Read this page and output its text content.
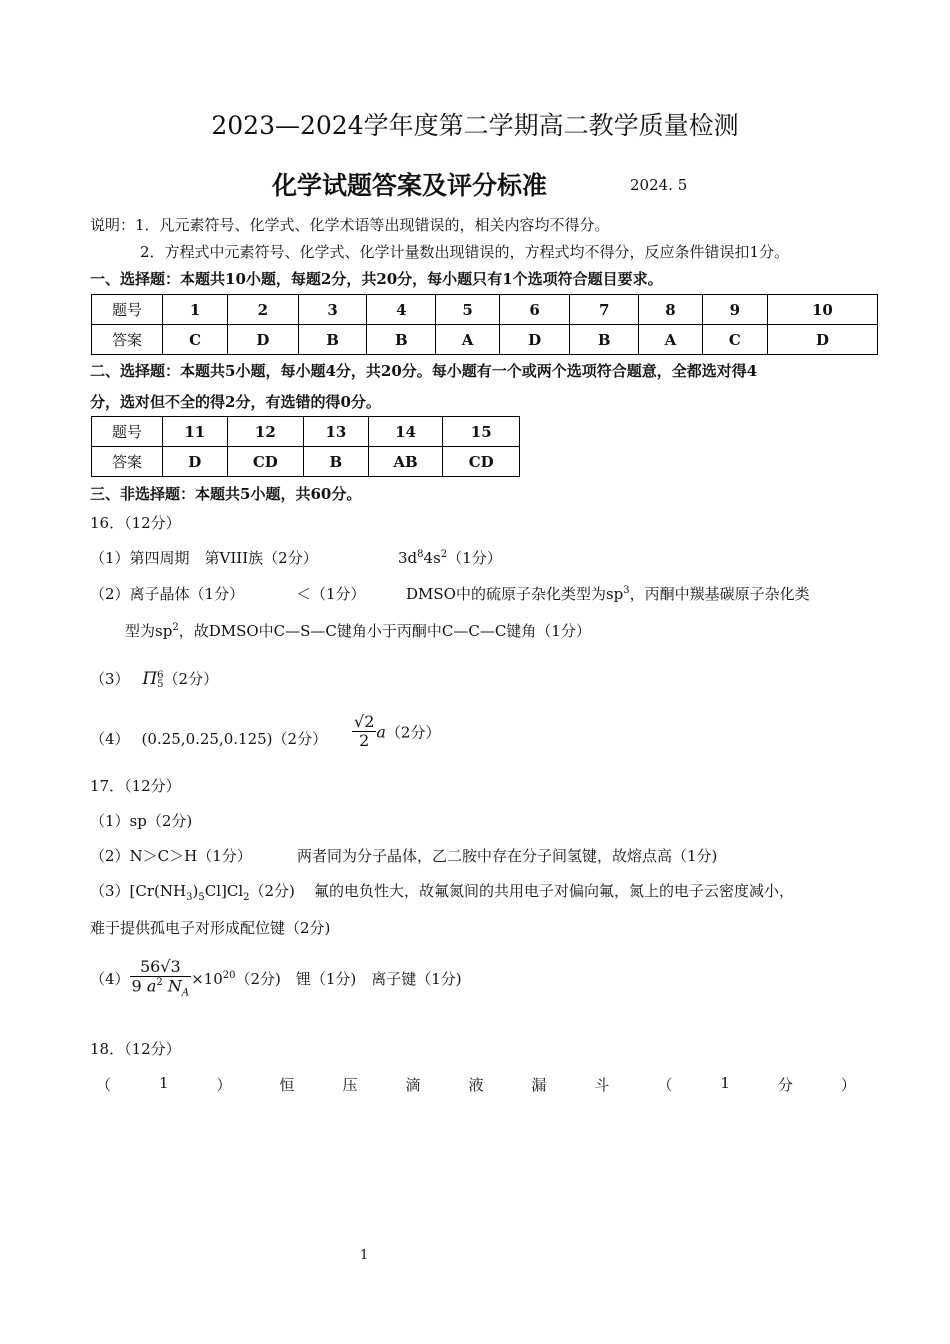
2023—2024学年度第二学期高二教学质量检测
化学试题答案及评分标准	2024. 5
说明：1．凡元素符号、化学式、化学术语等出现错误的，相关内容均不得分。
2．方程式中元素符号、化学式、化学计量数出现错误的，方程式均不得分，反应条件错误扣1分。
一、选择题：本题共10小题，每题2分，共20分，每小题只有1个选项符合题目要求。
题号	1	2	3	4	5	6	7	8	9	10
答案	C	D	B	B	A	D	B	A	C	D
二、选择题：本题共5小题，每小题4分，共20分。每小题有一个或两个选项符合题意，全都选对得4
分，选对但不全的得2分，有选错的得0分。
题号	11	12	13	14	15
答案	D	CD	B	AB	CD
三、非选择题：本题共5小题，共60分。
16．（12分）
（1）第四周期　第VIII族（2分）	$3d^84s^2(1$分）
（2）离子晶体（1分）	＜（1分）	DMSO中的硫原子杂化类型为$sp^3$，丙酮中羰基碳原子杂化类
型为$sp^2$，故DMSO中C—S—C键角小于丙酮中C—C—C键角（1分）
（3） Π 6
5 （2分）
（4） (0.25,0.25,0.125)（2分） $\frac{√2}{2} a(2$分）
17．（12分）
（1）sp（2分)
（2）N＞C＞H（1分）	两者同为分子晶体，乙二胺中存在分子间氢键，故熔点高（1分)
$(3)[Cr(NH_3)_5Cl]Cl_2(2$分) 氟的电负性大，故氟氮间的共用电子对偏向氟，氮上的电子云密度减小，
难于提供孤电子对形成配位键（2分)
$(4) \frac{56√3}{9 a^2 N_A} \times 10^{20}(2$分)　锂（1分)　离子键（1分)
18．（12分）
（	1	）	恒	压	滴	液	漏	斗	（	1	分	）
1
